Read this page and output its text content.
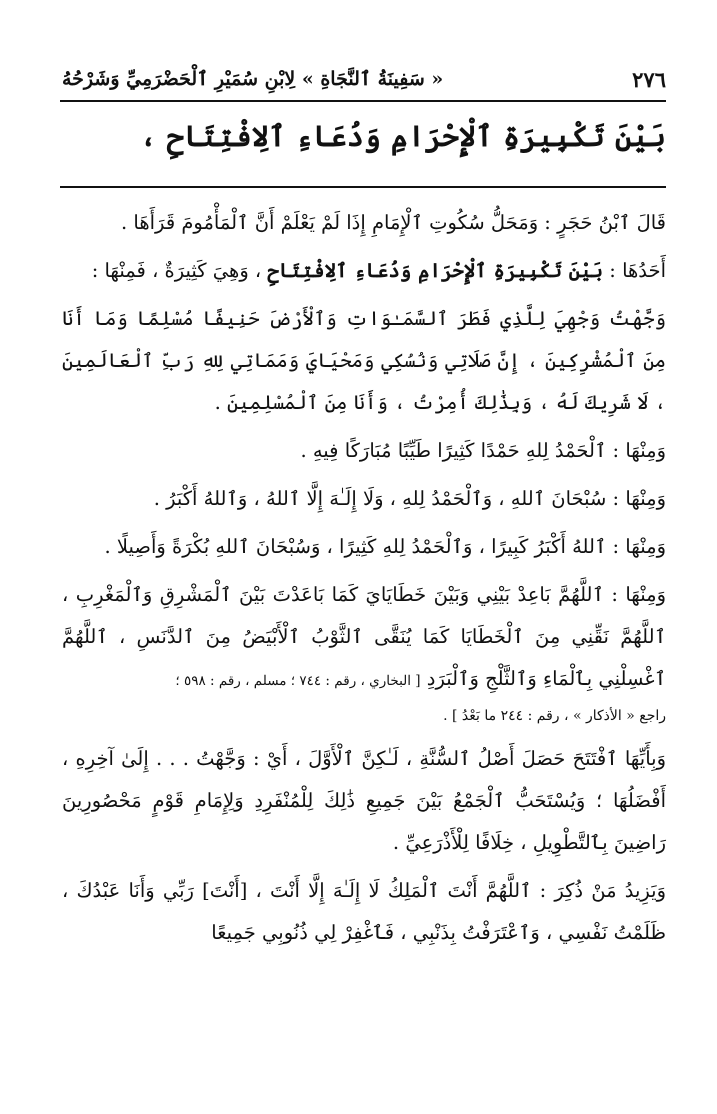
٢٧٦
« سَفِينَةُ ٱلنَّجَاةِ » لِابْنِ سُمَيْرِ ٱلْحَضْرَمِيِّ وَشَرْحُهُ
بَيْنَ تَكْبِيرَةِ ٱلْإِحْرَامِ وَدُعَاءِ ٱلِافْتِتَاحِ ،

قَالَ ٱبْنُ حَجَرٍ : وَمَحَلُّ سُكُوتِ ٱلْإِمَامِ إِذَا لَمْ يَعْلَمْ أَنَّ ٱلْمَأْمُومَ قَرَأَهَا .

أَحَدُهَا : بَيْنَ تَكْبِيرَةِ ٱلْإِحْرَامِ وَدُعَاءِ ٱلِافْتِتَاحِ ، وَهِيَ كَثِيرَةٌ ، فَمِنْهَا :

وَجَّهْتُ وَجْهِيَ لِلَّذِي فَطَرَ ٱلسَّمَـٰوَاتِ وَٱلْأَرْضَ حَنِيفًا مُسْلِمًا وَمَا أَنَا مِنَ ٱلْمُشْرِكِينَ ، إِنَّ صَلَاتِي وَنُسُكِي وَمَحْيَايَ وَمَمَاتِي لِلهِ رَبِّ ٱلْعَالَمِينَ ، لَا شَرِيكَ لَهُ ، وَبِذَٰلِكَ أُمِرْتُ ، وَأَنَا مِنَ ٱلْمُسْلِمِينَ .

وَمِنْهَا : ٱلْحَمْدُ لِلهِ حَمْدًا كَثِيرًا طَيِّبًا مُبَارَكًا فِيهِ .

وَمِنْهَا : سُبْحَانَ ٱللهِ ، وَٱلْحَمْدُ لِلهِ ، وَلَا إِلَـٰهَ إِلَّا ٱللهُ ، وَٱللهُ أَكْبَرُ .

وَمِنْهَا : ٱللهُ أَكْبَرُ كَبِيرًا ، وَٱلْحَمْدُ لِلهِ كَثِيرًا ، وَسُبْحَانَ ٱللهِ بُكْرَةً وَأَصِيلًا .

وَمِنْهَا : ٱللَّهُمَّ بَاعِدْ بَيْنِي وَبَيْنَ خَطَايَايَ كَمَا بَاعَدْتَ بَيْنَ ٱلْمَشْرِقِ وَٱلْمَغْرِبِ ، ٱللَّهُمَّ نَقِّنِي مِنَ ٱلْخَطَايَا كَمَا يُنَقَّى ٱلثَّوْبُ ٱلْأَبْيَضُ مِنَ ٱلدَّنَسِ ، ٱللَّهُمَّ ٱغْسِلْنِي بِٱلْمَاءِ وَٱلثَّلْجِ وَٱلْبَرَدِ [ البخاري ، رقم : ٧٤٤ ؛ مسلم ، رقم : ٥٩٨ ؛

راجع « الأذكار » ، رقم : ٢٤٤ ما بَعْدُ ] .

وَبِأَيِّهَا ٱفْتَتَحَ حَصَلَ أَصْلُ ٱلسُّنَّةِ ، لَـٰكِنَّ ٱلْأَوَّلَ ، أَيْ : وَجَّهْتُ . . . إِلَىٰ آخِرِهِ ، أَفْضَلُهَا ؛ وَيُسْتَحَبُّ ٱلْجَمْعُ بَيْنَ جَمِيعِ ذَٰلِكَ لِلْمُنْفَرِدِ وَلِإِمَامِ قَوْمٍ مَحْصُورِينَ رَاضِينَ بِٱلتَّطْوِيلِ ، خِلَافًا لِلْأَذْرَعِيِّ .

وَيَزِيدُ مَنْ ذُكِرَ : ٱللَّهُمَّ أَنْتَ ٱلْمَلِكُ لَا إِلَـٰهَ إِلَّا أَنْتَ ، [أَنْتَ] رَبِّي وَأَنَا عَبْدُكَ ، ظَلَمْتُ نَفْسِي ، وَٱعْتَرَفْتُ بِذَنْبِي ، فَٱغْفِرْ لِي ذُنُوبِي جَمِيعًا
